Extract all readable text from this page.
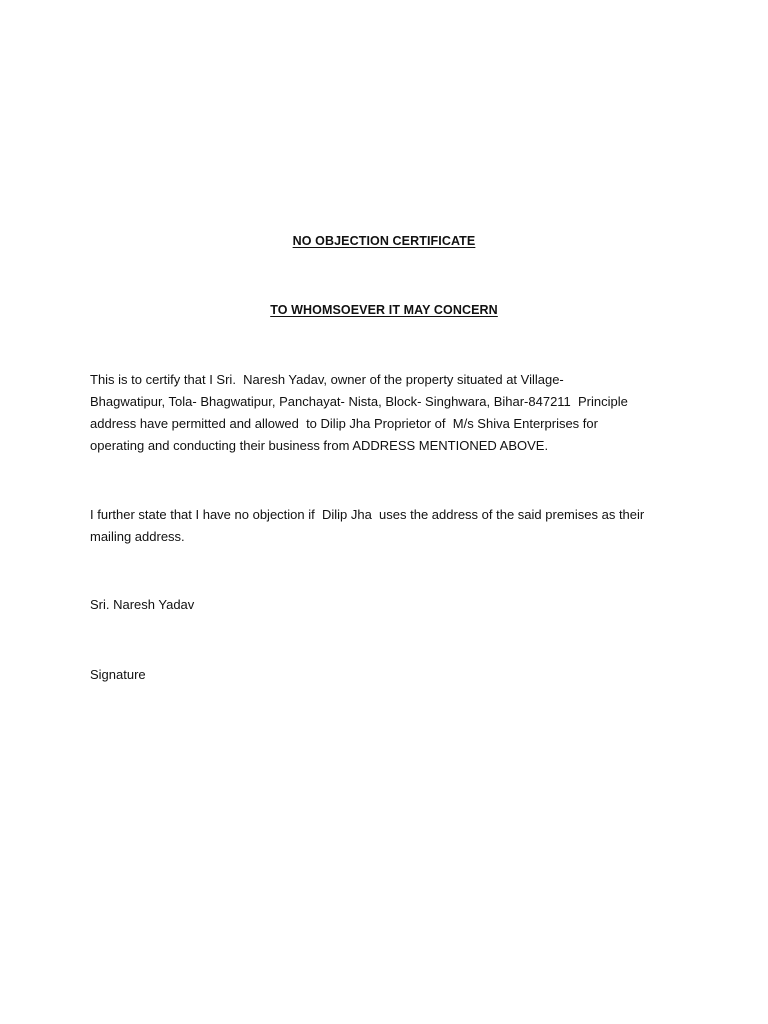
NO OBJECTION CERTIFICATE
TO WHOMSOEVER IT MAY CONCERN

This is to certify that I Sri.  Naresh Yadav, owner of the property situated at Village-
Bhagwatipur, Tola- Bhagwatipur, Panchayat- Nista, Block- Singhwara, Bihar-847211  Principle
address have permitted and allowed  to Dilip Jha Proprietor of  M/s Shiva Enterprises for
operating and conducting their business from ADDRESS MENTIONED ABOVE.

I further state that I have no objection if  Dilip Jha  uses the address of the said premises as their
mailing address.

Sri. Naresh Yadav
Signature
